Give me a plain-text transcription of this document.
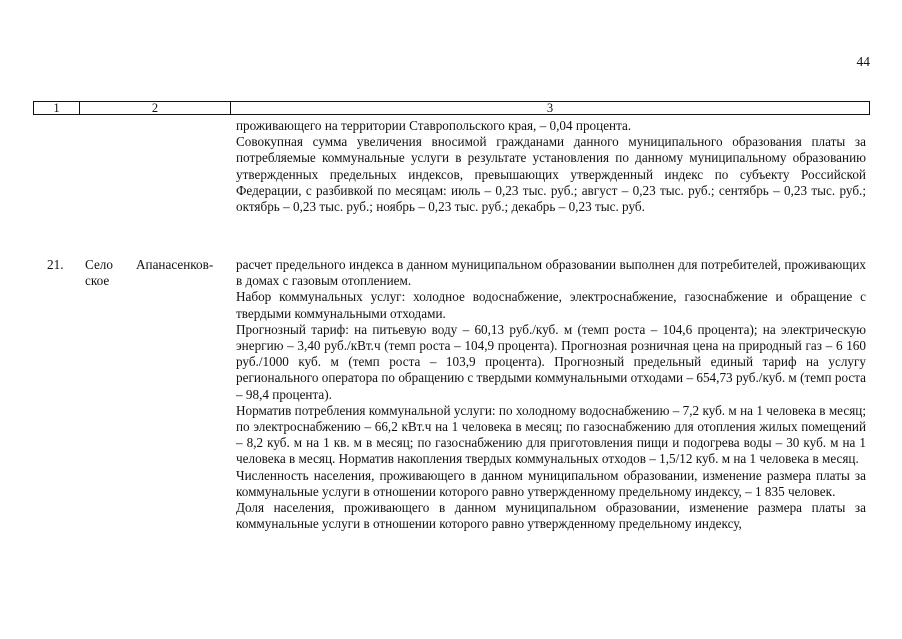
44
1	2	3

проживающего на территории Ставропольского края, – 0,04 процента.

Совокупная сумма увеличения вносимой гражданами данного муниципального образования платы за потребляемые коммунальные услуги в результате установления по данному муниципальному образованию утвержденных предельных индексов, превышающих утвержденный индекс по субъекту Российской Федерации, с разбивкой по месяцам: июль – 0,23 тыс. руб.; август – 0,23 тыс. руб.; сентябрь – 0,23 тыс. руб.; октябрь – 0,23 тыс. руб.; ноябрь – 0,23 тыс. руб.; декабрь – 0,23 тыс. руб.

21. Село ское
Апанасенков- расчет предельного индекса в данном муниципальном образовании выполнен для потребителей, проживающих в домах с газовым отоплением.

Набор коммунальных услуг: холодное водоснабжение, электроснабжение, газоснабжение и обращение с твердыми коммунальными отходами.

Прогнозный тариф: на питьевую воду – 60,13 руб./куб. м (темп роста – 104,6 процента); на электрическую энергию – 3,40 руб./кВт.ч (темп роста – 104,9 процента). Прогнозная розничная цена на природный газ – 6 160 руб./1000 куб. м (темп роста – 103,9 процента). Прогнозный предельный единый тариф на услугу регионального оператора по обращению с твердыми коммунальными отходами – 654,73 руб./куб. м (темп роста – 98,4 процента).

Норматив потребления коммунальной услуги: по холодному водоснабжению – 7,2 куб. м на 1 человека в месяц; по электроснабжению – 66,2 кВт.ч на 1 человека в месяц; по газоснабжению для отопления жилых помещений – 8,2 куб. м на 1 кв. м в месяц; по газоснабжению для приготовления пищи и подогрева воды – 30 куб. м на 1 человека в месяц. Норматив накопления твердых коммунальных отходов – 1,5/12 куб. м на 1 человека в месяц.

Численность населения, проживающего в данном муниципальном образовании, изменение размера платы за коммунальные услуги в отношении которого равно утвержденному предельному индексу, – 1 835 человек.

Доля населения, проживающего в данном муниципальном образовании, изменение размера платы за коммунальные услуги в отношении которого равно утвержденному предельному индексу,
